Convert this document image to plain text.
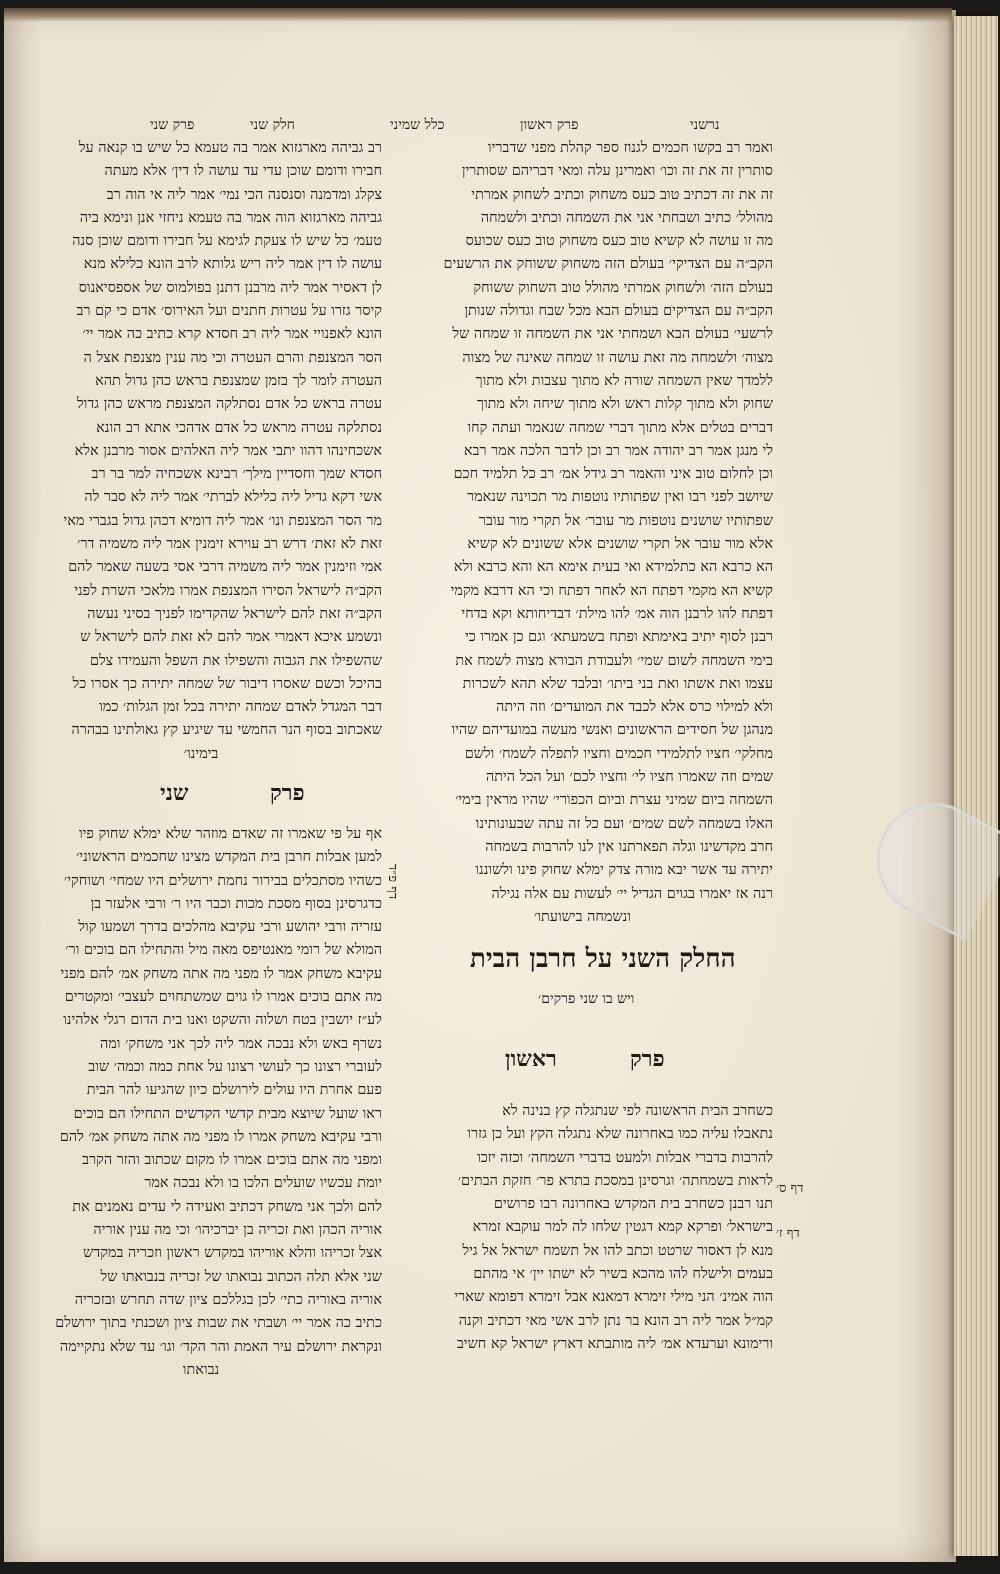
נרשני
פרק ראשון
כלל שמיני
חלק שני
פרק שני
ואמר רב בקשו חכמים לגנוז ספר קהלת מפני שדבריו
סותרין זה את זה וכו׳ ואמרינן עלה ומאי דבריהם שסותרין
זה את זה דכתיב טוב כעס משחוק וכתיב לשחוק אמרתי
מהולל׳ כתיב ושבחתי אני את השמחה וכתיב ולשמחה
מה זו עושה לא קשיא טוב כעס משחוק טוב כעס שכועס
הקב״ה עם הצדיקי׳ בעולם הזה משחוק ששוחק את הרשעים
בעולם הזה׳ ולשחוק אמרתי מהולל טוב השחוק ששוחק
הקב״ה עם הצדיקים בעולם הבא מכל שבח וגדולה שנותן
לרשעי׳ בעולם הבא ושמחתי אני את השמחה זו שמחה של
מצוה׳ ולשמחה מה זאת עושה זו שמחה שאינה של מצוה
ללמדך שאין השמחה שורה לא מתוך עצבות ולא מתוך
שחוק ולא מתוך קלות ראש ולא מתוך שיחה ולא מתוך
דברים בטלים אלא מתוך דברי שמחה שנאמר ועתה קחו
לי מנגן אמר רב יהודה אמר רב וכן לדבר הלכה אמר רבא
וכן לחלום טוב איני והאמר רב גידל אמ׳ רב כל תלמיד חכם
שיושב לפני רבו ואין שפתותיו נוטפות מר תכוינה שנאמר
שפתותיו שושנים נוטפות מר עובר׳ אל תקרי מור עובר
אלא מור עובר אל תקרי שושנים אלא ששונים לא קשיא
הא כרבא הא כתלמידא ואי בעית אימא הא והא כרבא ולא
קשיא הא מקמי דפתח הא לאחר דפתח וכי הא דרבא מקמי
דפתח להו לרבנן הוה אמ׳ להו מילת׳ דבדיחותא וקא בדחי
רבנן לסוף יתיב באימתא ופתח בשמעתא׳ וגם כן אמרו כי
בימי השמחה לשום שמי׳ ולעבודת הבורא מצוה לשמח את
עצמו ואת אשתו ואת בני ביתו׳ ובלבד שלא תהא לשכרות
ולא למילוי כרס אלא לכבד את המועדים׳ וזה היתה
מנהגן של חסידים הראשונים ואנשי מעשה במועדיהם שהיו
מחלקי׳ חציו לתלמידי חכמים וחציו לתפלה לשמח׳ ולשם
שמים וזה שאמרו חציו לי׳ וחציו לכם׳ ועל הכל היתה
השמחה ביום שמיני עצרת וביום הכפורי׳ שהיו מראין בימי׳
האלו בשמחה לשם שמים׳ ועם כל זה עתה שבעונותינו
חרב מקדשינו וגלה תפארתנו אין לנו להרבות בשמחה
יתירה עד אשר יבא מורה צדק ימלא שחוק פינו ולשוננו
רנה אז יאמרו בגוים הגדיל יי׳ לעשות עם אלה נגילה
ונשמחה בישועתו׳
החלק השני על חרבן הבית
ויש בו שני פרקים׳
פרק
ראשון
כשחרב הבית הראשונה לפי שנתגלה קץ בנינה לא
נתאבלו עליה כמו באחרונה שלא נתגלה הקץ ועל כן גזרו
להרבות בדברי אבלות ולמעט בדברי השמחה׳ וכזה יזכו
לראות בשמחתה׳ וגרסינן במסכת בתרא פר׳ חזקת הבתים׳
תנו רבנן כשחרב בית המקדש באחרונה רבו פרושים
בישראל׳ ופרקא קמא דגטין שלחו לה למר עוקבא זמרא
מנא לן דאסור שרטט וכתב להו אל תשמח ישראל אל גיל
בעמים ולישלח להו מהכא בשיר לא ישתו יין׳ אי מהתם
הוה אמינ׳ הני מילי זימרא דמאנא אבל זימרא דפומא שארי
קמ״ל אמר ליה רב הונא בר נתן לרב אשי מאי דכתיב וקנה
ורימונא וערעדא אמ׳ ליה מותבתא דארץ ישראל קא חשיב
רב גביהה מארגזוא אמר בה טעמא כל שיש בו קנאה על
חבירו ודומם שוכן עדי עד עושה לו דין׳ אלא מעתה
צקלג ומדמנה וסנסנה הכי נמי׳ אמר ליה אי הוה רב
גביהה מארגזוא הוה אמר בה טעמא ניחזי אנן ונימא ביה
טעמ׳ כל שיש לו צעקת לגימא על חבירו ודומם שוכן סנה
עושה לו דין אמר ליה ריש גלותא לרב הונא כלילא מנא
לן דאסיר אמר ליה מרבנן דתנן בפולמוס של אספסיאנוס
קיסר גזרו על עטרות חתנים ועל האירוס׳ אדם כי קם רב
הונא לאפנויי אמר ליה רב חסדא קרא כתיב כה אמר יי׳
הסר המצנפת והרם העטרה וכי מה ענין מצנפת אצל ה
העטרה לומר לך בזמן שמצנפת בראש כהן גדול תהא
עטרה בראש כל אדם נסתלקה המצנפת מראש כהן גדול
נסתלקה עטרה מראש כל אדם אדהכי אתא רב הונא
אשכחינהו דהוו יתבי אמר ליה האלהים אסור מרבנן אלא
חסדא שמך וחסדיין מילך׳ רבינא אשכחיה למר בר רב
אשי דקא גדיל ליה כלילא לברתי׳ אמר ליה לא סבר לה
מר הסר המצנפת ונו׳ אמר ליה דומיא דכהן גדול בגברי מאי
זאת לא זאת׳ דרש רב עוירא זימנין אמר ליה משמיה דר׳
אמי וזימנין אמר ליה משמיה דרבי אסי בשעה שאמר להם
הקב״ה לישראל הסירו המצנפת אמרו מלאכי השרת לפני
הקב״ה זאת להם לישראל שהקדימו לפניך בסיני נעשה
ונשמע איכא דאמרי אמר להם לא זאת להם לישראל ש
שהשפילו את הגבוה והשפילו את השפל והעמידו צלם
בהיכל וכשם שאסרו דיבור של שמחה יתירה כך אסרו כל
דבר המגדל לאדם שמחה יתירה בכל זמן הגלות׳ כמו
שאכתוב בסוף הנר החמשי עד שיגיע קץ גאולתינו בבהרה
בימינו׳
פרק
שני
אף על פי שאמרו זה שאדם מוזהר שלא ימלא שחוק פיו
למען אבלות חרבן בית המקדש מצינו שחכמים הראשוני׳
כשהיו מסתכלים בבירור נחמת ירושלים היו שמחי׳ ושוחקי׳
כדגרסינן בסוף מסכת מכות וכבר היו ר׳ ורבי אלעזר בן
עזריה ורבי יהושע ורבי עקיבא מהלכים בדרך ושמעו קול
המולא של רומי מאנטיפס מאה מיל והתחילו הם בוכים ור׳
עקיבא משחק אמר לו מפני מה אתה משחק אמ׳ להם מפני
מה אתם בוכים אמרו לו גוים שמשתחוים לעצבי׳ ומקטרים
לע״ז יושבין בטח ושלוה והשקט ואנו בית הדום רגלי אלהינו
נשרף באש ולא נבכה אמר ליה לכך אני משחק׳ ומה
לעוברי רצונו כך לעושי רצונו על אחת כמה וכמה׳ שוב
פעם אחרת היו עולים לירושלם כיון שהגיעו להר הבית
ראו שועל שיוצא מבית קדשי הקדשים התחילו הם בוכים
ורבי עקיבא משחק אמרו לו מפני מה אתה משחק אמ׳ להם
ומפני מה אתם בוכים אמרו לו מקום שכתוב והזר הקרב
יומת עכשיו שועלים הלכו בו ולא נבכה אמר
להם ולכך אני משחק דכתיב ואעידה לי עדים נאמנים את
אוריה הכהן ואת זכריה בן יברכיהו׳ וכי מה ענין אוריה
אצל זכריהו והלא אוריהו במקדש ראשון וזכריה במקדש
שני אלא תלה הכתוב נבואתו של זכריה בנבואתו של
אוריה באוריה כתי׳ לכן בגללכם ציון שדה תחרש ובזכריה
כתיב כה אמר יי׳ ושבתי את שבות ציון ושכנתי בתוך ירושלם
ונקראת ירושלם עיר האמת והר הקד׳ וגו׳ עד שלא נתקיימה
נבואתו
דף פ״ד
דף ס׳
דף ז׳
